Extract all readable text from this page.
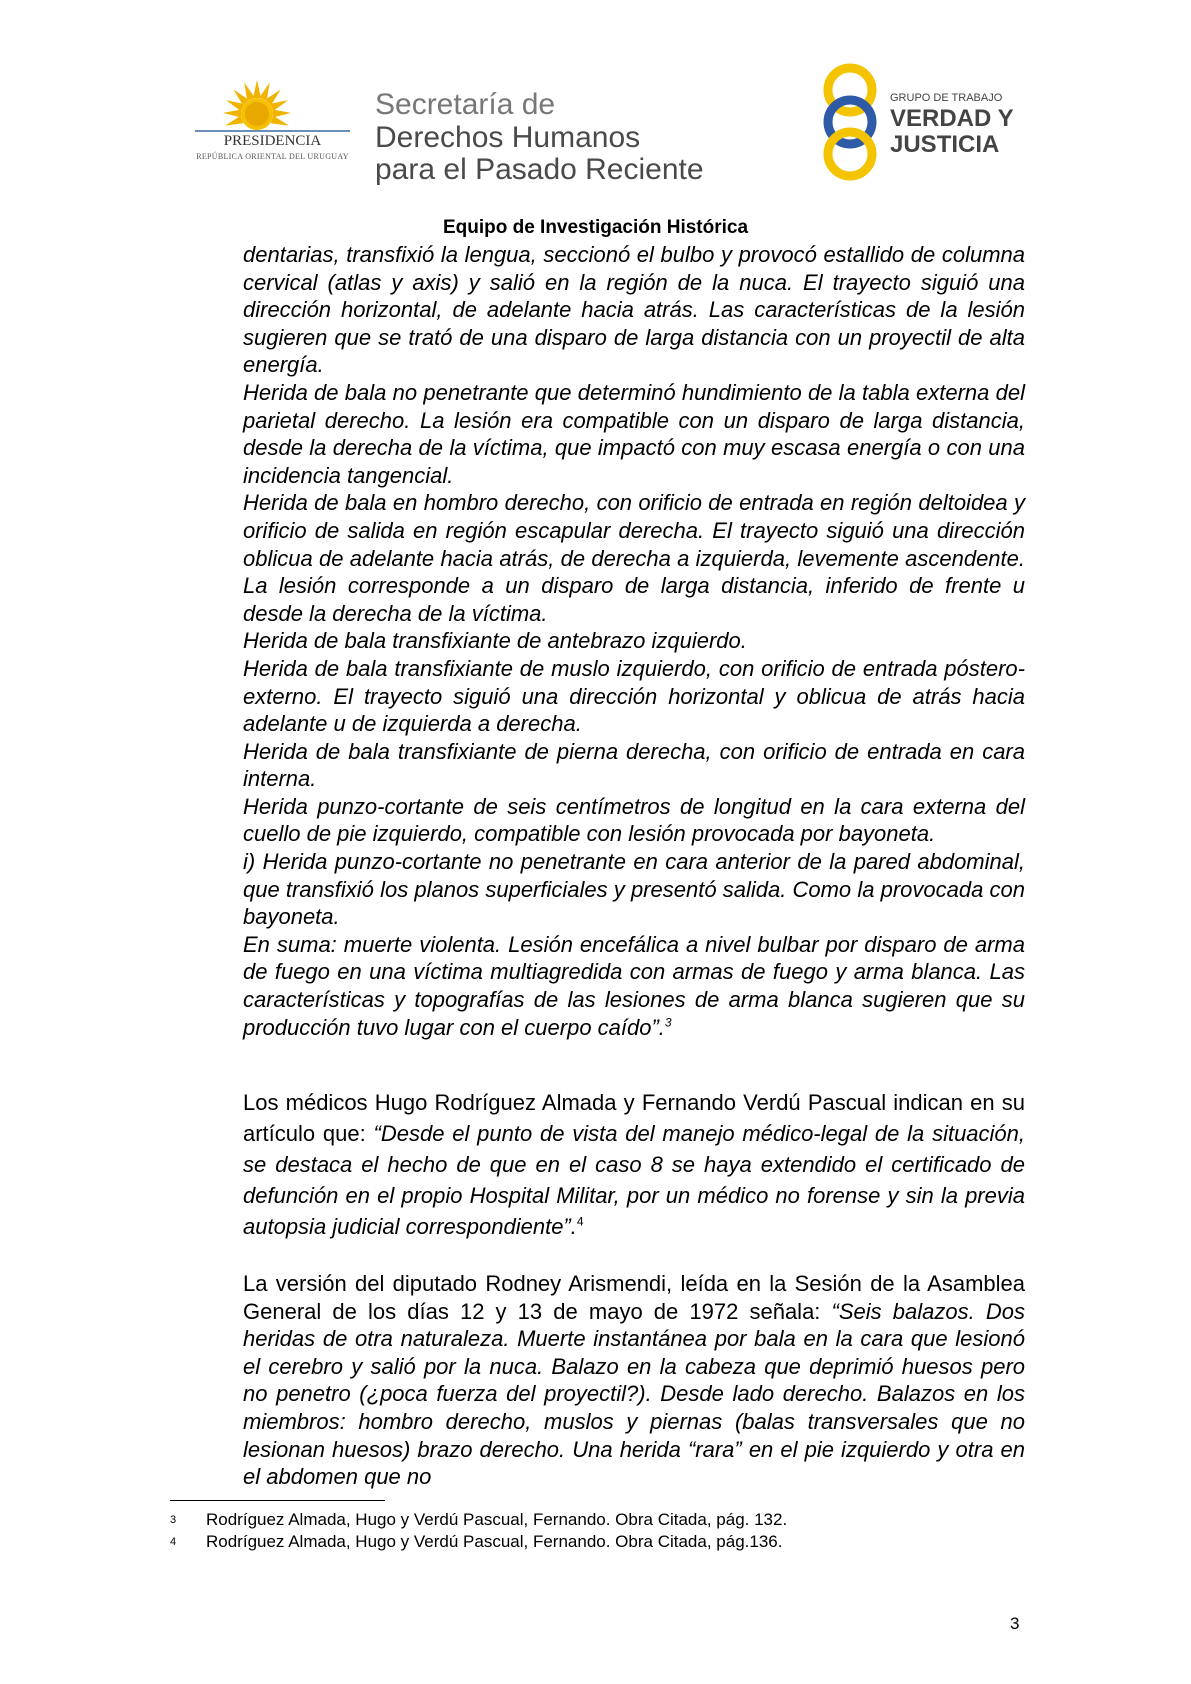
PRESIDENCIA
REPÚBLICA ORIENTAL DEL URUGUAY
Secretaría de
Derechos Humanos
para el Pasado Reciente
GRUPO DE TRABAJO
VERDAD Y
JUSTICIA
Equipo de Investigación Histórica

dentarias, transfixió la lengua, seccionó el bulbo y provocó estallido de columna cervical (atlas y axis) y salió en la región de la nuca. El trayecto siguió una dirección horizontal, de adelante hacia atrás. Las características de la lesión sugieren que se trató de una disparo de larga distancia con un proyectil de alta energía.

Herida de bala no penetrante que determinó hundimiento de la tabla externa del parietal derecho. La lesión era compatible con un disparo de larga distancia, desde la derecha de la víctima, que impactó con muy escasa energía o con una incidencia tangencial.

Herida de bala en hombro derecho, con orificio de entrada en región deltoidea y orificio de salida en región escapular derecha. El trayecto siguió una dirección oblicua de adelante hacia atrás, de derecha a izquierda, levemente ascendente. La lesión corresponde a un disparo de larga distancia, inferido de frente u desde la derecha de la víctima.

Herida de bala transfixiante de antebrazo izquierdo.

Herida de bala transfixiante de muslo izquierdo, con orificio de entrada póstero-externo. El trayecto siguió una dirección horizontal y oblicua de atrás hacia adelante u de izquierda a derecha.

Herida de bala transfixiante de pierna derecha, con orificio de entrada en cara interna.

Herida punzo-cortante de seis centímetros de longitud en la cara externa del cuello de pie izquierdo, compatible con lesión provocada por bayoneta.

i) Herida punzo-cortante no penetrante en cara anterior de la pared abdominal, que transfixió los planos superficiales y presentó salida. Como la provocada con bayoneta.

En suma: muerte violenta. Lesión encefálica a nivel bulbar por disparo de arma de fuego en una víctima multiagredida con armas de fuego y arma blanca. Las características y topografías de las lesiones de arma blanca sugieren que su producción tuvo lugar con el cuerpo caído”.$^3$

Los médicos Hugo Rodríguez Almada y Fernando Verdú Pascual indican en su artículo que: “Desde el punto de vista del manejo médico-legal de la situación, se destaca el hecho de que en el caso 8 se haya extendido el certificado de defunción en el propio Hospital Militar, por un médico no forense y sin la previa autopsia judicial correspondiente”.$^4$
La versión del diputado Rodney Arismendi, leída en la Sesión de la Asamblea General de los días 12 y 13 de mayo de 1972 señala: “Seis balazos. Dos heridas de otra naturaleza. Muerte instantánea por bala en la cara que lesionó el cerebro y salió por la nuca. Balazo en la cabeza que deprimió huesos pero no penetro (¿poca fuerza del proyectil?). Desde lado derecho. Balazos en los miembros: hombro derecho, muslos y piernas (balas transversales que no lesionan huesos) brazo derecho. Una herida “rara” en el pie izquierdo y otra en el abdomen que no
3 Rodríguez Almada, Hugo y Verdú Pascual, Fernando. Obra Citada, pág. 132.
4 Rodríguez Almada, Hugo y Verdú Pascual, Fernando. Obra Citada, pág.136.
3
